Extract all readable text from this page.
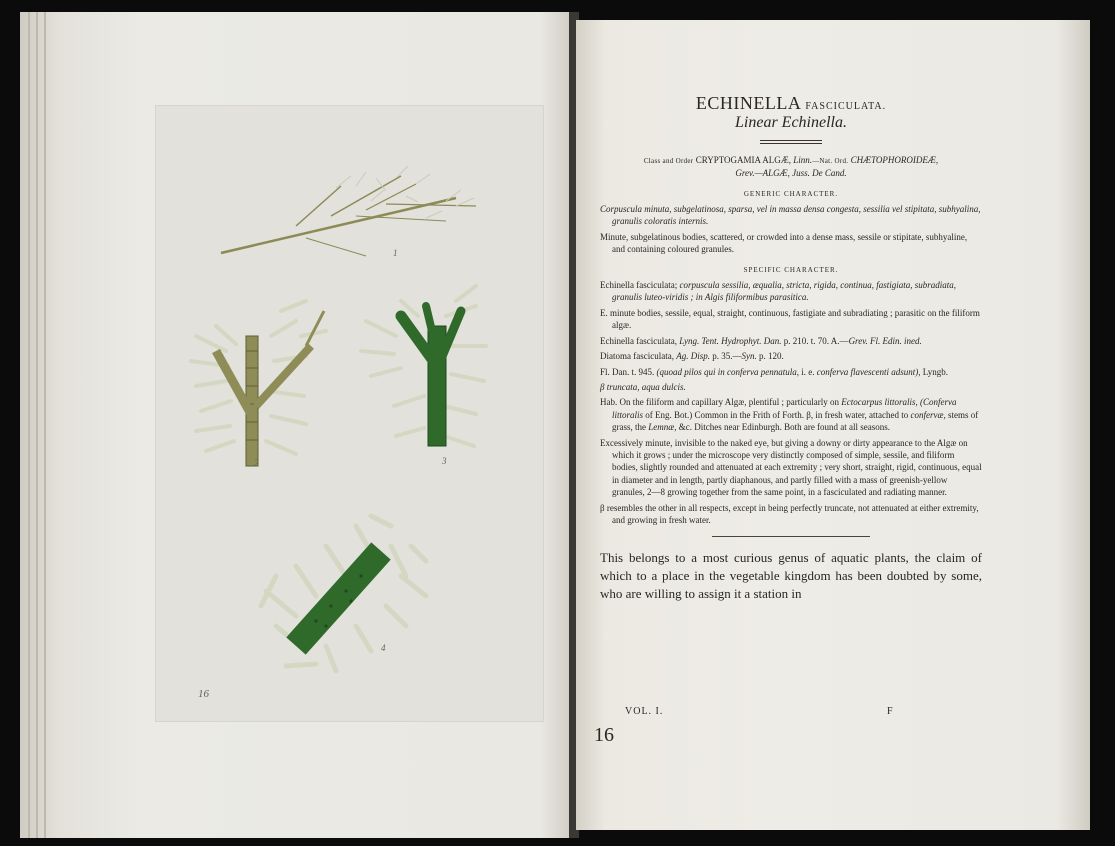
2	3
1
4
16
ECHINELLA FASCICULATA.
Linear Echinella.
Class and Order CRYPTOGAMIA ALGÆ, Linn.—Nat. Ord. CHÆTOPHOROIDEÆ,
Grev.—ALGÆ, Juss. De Cand.
GENERIC CHARACTER.
Corpuscula minuta, subgelatinosa, sparsa, vel in massa densa congesta, sessilia vel stipitata, subhyalina, granulis coloratis internis.
Minute, subgelatinous bodies, scattered, or crowded into a dense mass, sessile or stipitate, subhyaline, and containing coloured granules.
SPECIFIC CHARACTER.
Echinella fasciculata; corpuscula sessilia, æqualia, stricta, rigida, continua, fastigiata, subradiata, granulis luteo-viridis ; in Algis filiformibus parasitica.
E. minute bodies, sessile, equal, straight, continuous, fastigiate and subradiating ; parasitic on the filiform algæ.
Echinella fasciculata, Lyng. Tent. Hydrophyt. Dan. p. 210. t. 70. A.—Grev. Fl. Edin. ined.
Diatoma fasciculata, Ag. Disp. p. 35.—Syn. p. 120.
Fl. Dan. t. 945. (quoad pilos qui in conferva pennatula, i. e. conferva flavescenti adsunt), Lyngb.
β truncata, aqua dulcis.
Hab. On the filiform and capillary Algæ, plentiful ; particularly on Ectocarpus littoralis, (Conferva littoralis of Eng. Bot.) Common in the Frith of Forth. β, in fresh water, attached to confervæ, stems of grass, the Lemnæ, &c. Ditches near Edinburgh. Both are found at all seasons.
Excessively minute, invisible to the naked eye, but giving a downy or dirty appearance to the Algæ on which it grows ; under the microscope very distinctly composed of simple, sessile, and filiform bodies, slightly rounded and attenuated at each extremity ; very short, straight, rigid, continuous, equal in diameter and in length, partly diaphanous, and partly filled with a mass of greenish-yellow granules, 2—8 growing together from the same point, in a fasciculated and radiating manner.
β resembles the other in all respects, except in being perfectly truncate, not attenuated at either extremity, and growing in fresh water.
This belongs to a most curious genus of aquatic plants, the claim of which to a place in the vegetable kingdom has been doubted by some, who are willing to assign it a station in
VOL. I.	F
16
